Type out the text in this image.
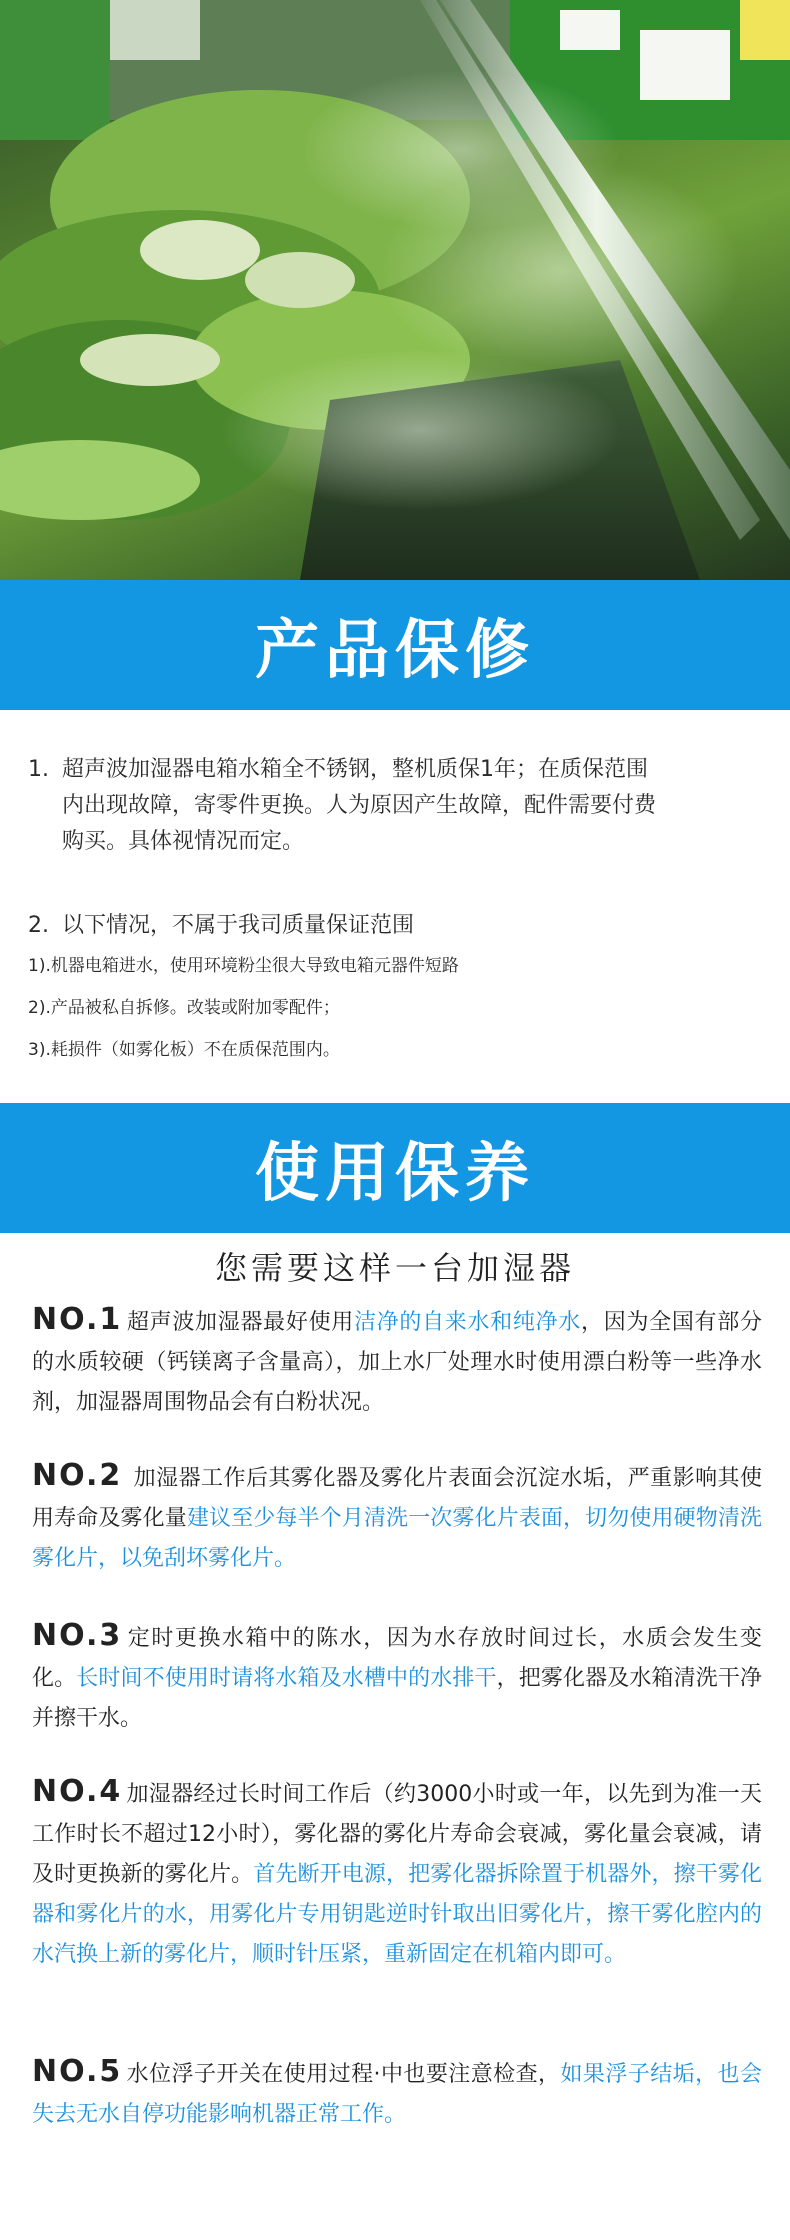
产品保修
1. 超声波加湿器电箱水箱全不锈钢，整机质保1年；在质保范围
内出现故障，寄零件更换。人为原因产生故障，配件需要付费
购买。具体视情况而定。
2. 以下情况，不属于我司质量保证范围
1).机器电箱进水，使用环境粉尘很大导致电箱元器件短路
2).产品被私自拆修。改装或附加零配件；
3).耗损件（如雾化板）不在质保范围内。
使用保养
您需要这样一台加湿器
NO.1 超声波加湿器最好使用洁净的自来水和纯净水，因为全国有部分的水质较硬（钙镁离子含量高），加上水厂处理水时使用漂白粉等一些净水剂，加湿器周围物品会有白粉状况。
NO.2 加湿器工作后其雾化器及雾化片表面会沉淀水垢，严重影响其使用寿命及雾化量建议至少每半个月清洗一次雾化片表面，切勿使用硬物清洗雾化片，以免刮坏雾化片。
NO.3 定时更换水箱中的陈水，因为水存放时间过长，水质会发生变化。长时间不使用时请将水箱及水槽中的水排干，把雾化器及水箱清洗干净并擦干水。
NO.4 加湿器经过长时间工作后（约3000小时或一年，以先到为准一天工作时长不超过12小时），雾化器的雾化片寿命会衰减，雾化量会衰减，请及时更换新的雾化片。首先断开电源，把雾化器拆除置于机器外，擦干雾化器和雾化片的水，用雾化片专用钥匙逆时针取出旧雾化片，擦干雾化腔内的水汽换上新的雾化片，顺时针压紧，重新固定在机箱内即可。
NO.5 水位浮子开关在使用过程·中也要注意检查，如果浮子结垢，也会失去无水自停功能影响机器正常工作。
